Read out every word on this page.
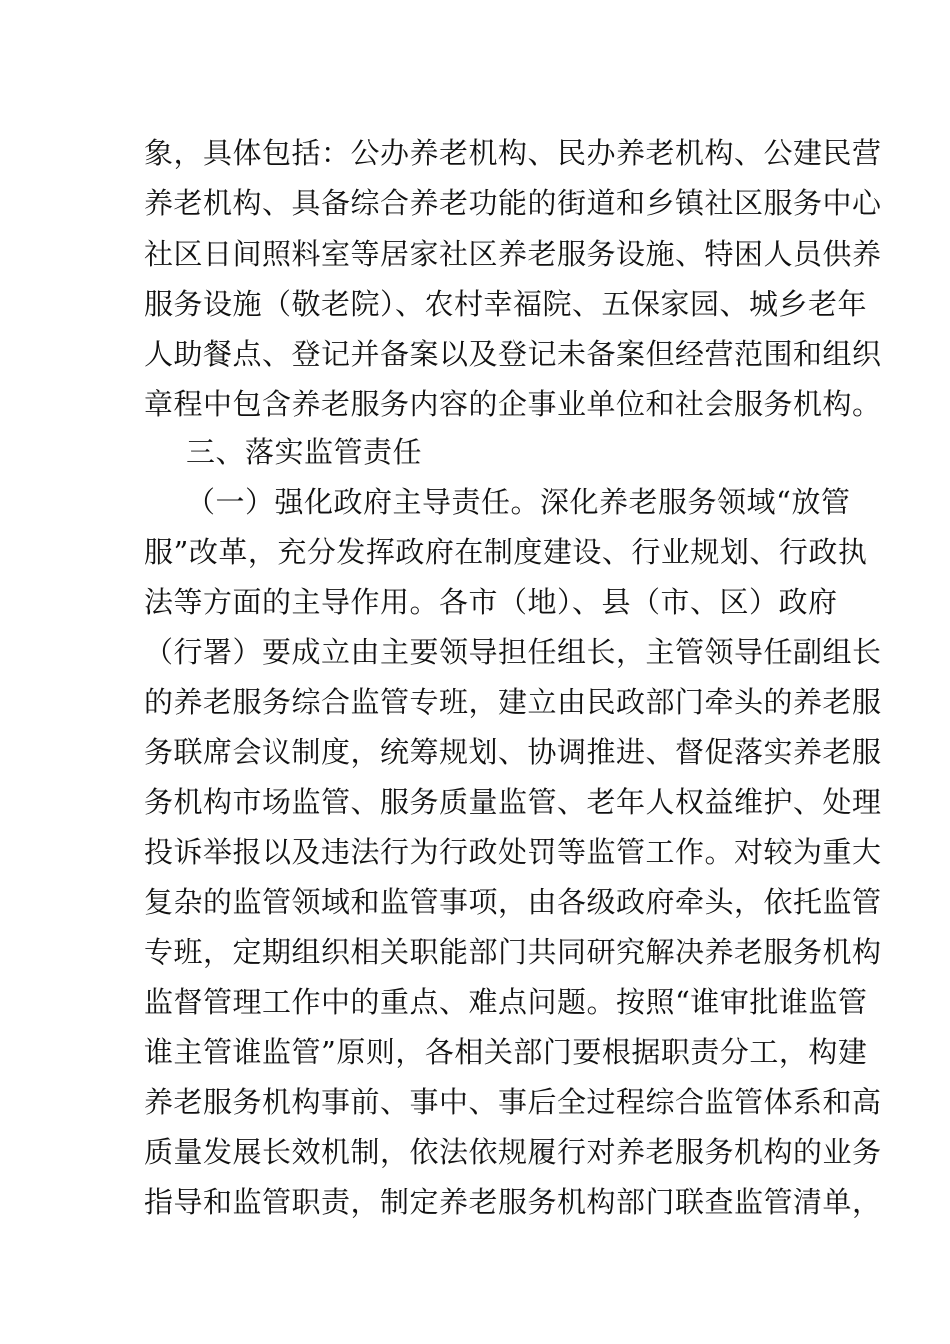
象，具体包括：公办养老机构、民办养老机构、公建民营
养老机构、具备综合养老功能的街道和乡镇社区服务中心
社区日间照料室等居家社区养老服务设施、特困人员供养
服务设施（敬老院）、农村幸福院、五保家园、城乡老年
人助餐点、登记并备案以及登记未备案但经营范围和组织
章程中包含养老服务内容的企事业单位和社会服务机构。
三、落实监管责任
（一）强化政府主导责任。深化养老服务领域“放管
服”改革，充分发挥政府在制度建设、行业规划、行政执
法等方面的主导作用。各市（地）、县（市、区）政府
（行署）要成立由主要领导担任组长，主管领导任副组长
的养老服务综合监管专班，建立由民政部门牵头的养老服
务联席会议制度，统筹规划、协调推进、督促落实养老服
务机构市场监管、服务质量监管、老年人权益维护、处理
投诉举报以及违法行为行政处罚等监管工作。对较为重大
复杂的监管领域和监管事项，由各级政府牵头，依托监管
专班，定期组织相关职能部门共同研究解决养老服务机构
监督管理工作中的重点、难点问题。按照“谁审批谁监管
谁主管谁监管”原则，各相关部门要根据职责分工，构建
养老服务机构事前、事中、事后全过程综合监管体系和高
质量发展长效机制，依法依规履行对养老服务机构的业务
指导和监管职责，制定养老服务机构部门联查监管清单，
